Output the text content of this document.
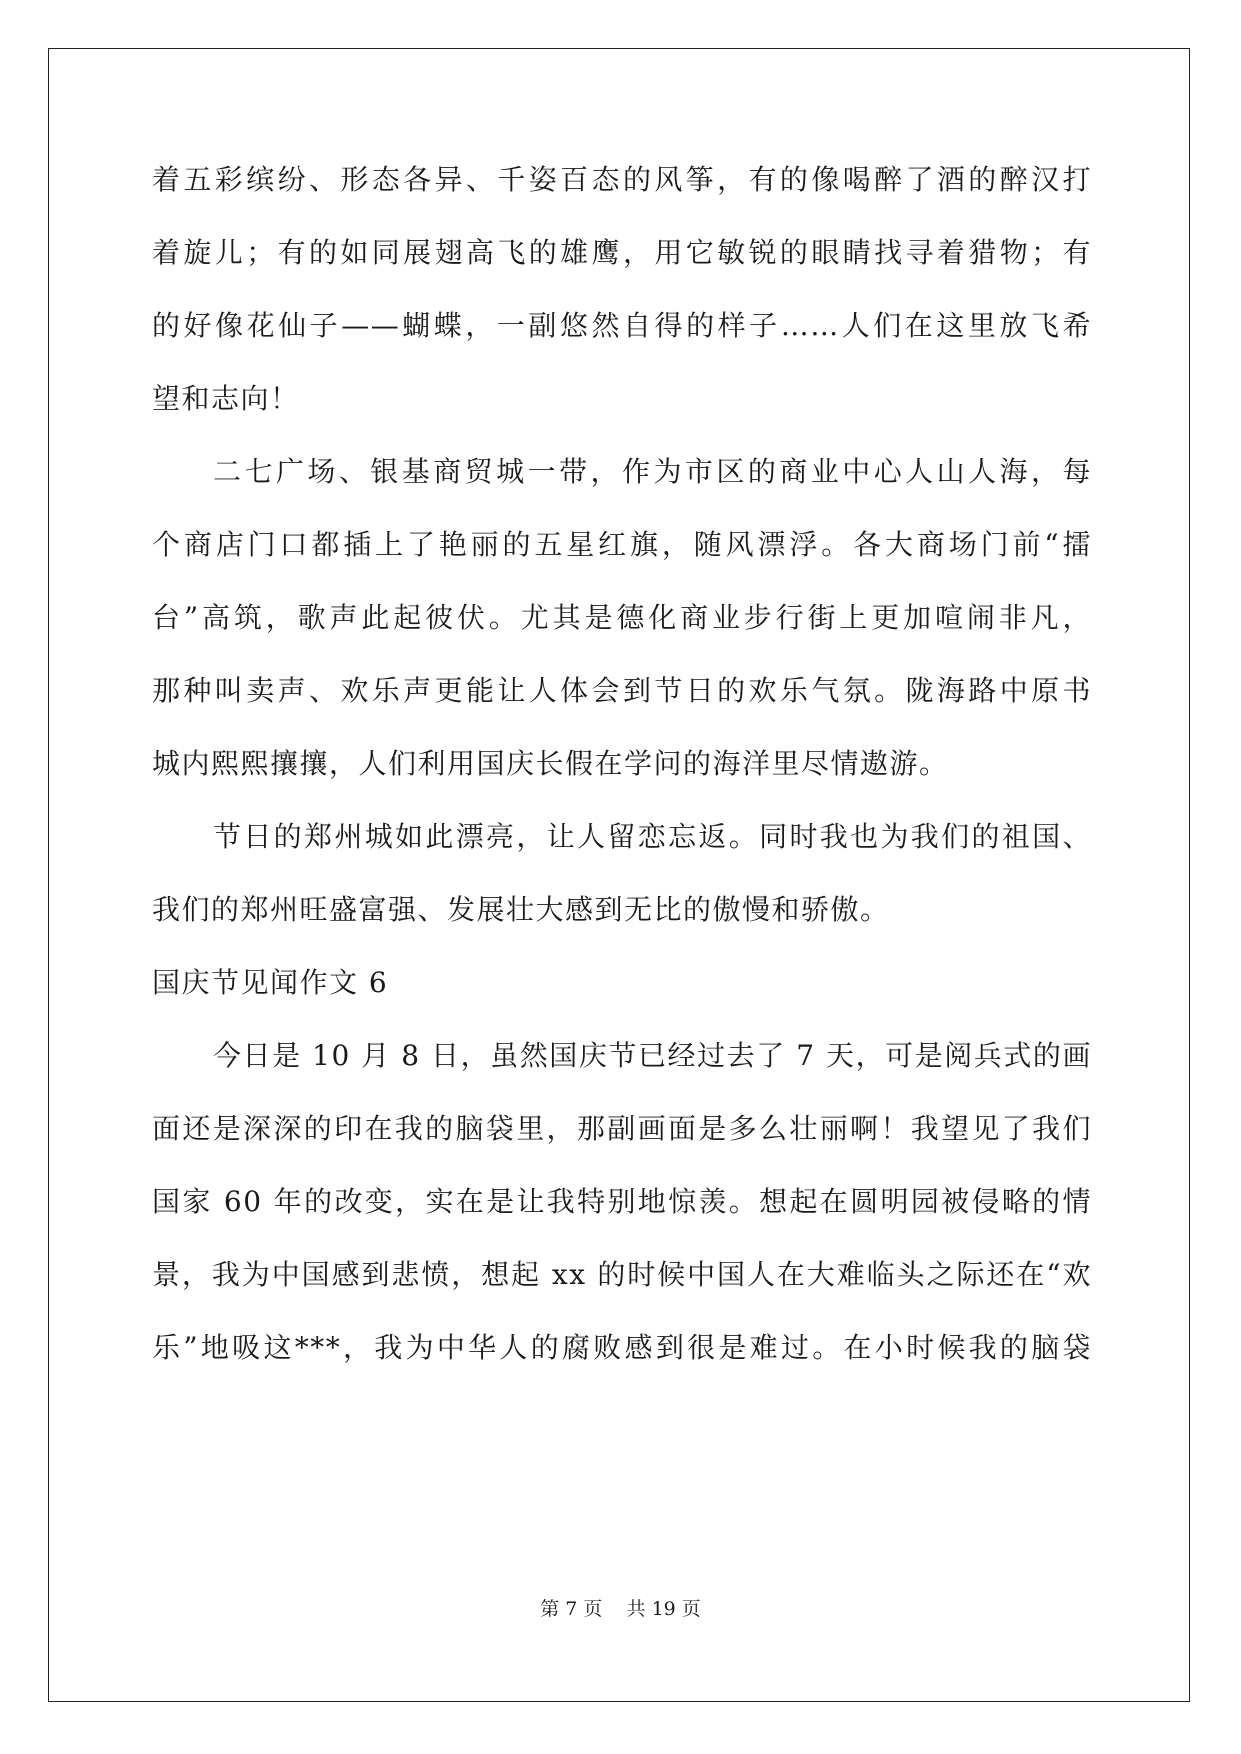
着五彩缤纷、形态各异、千姿百态的风筝，有的像喝醉了酒的醉汉打
着旋儿；有的如同展翅高飞的雄鹰，用它敏锐的眼睛找寻着猎物；有
的好像花仙子——蝴蝶，一副悠然自得的样子……人们在这里放飞希
望和志向！
二七广场、银基商贸城一带，作为市区的商业中心人山人海，每
个商店门口都插上了艳丽的五星红旗，随风漂浮。各大商场门前“擂
台”高筑，歌声此起彼伏。尤其是德化商业步行街上更加喧闹非凡，
那种叫卖声、欢乐声更能让人体会到节日的欢乐气氛。陇海路中原书
城内熙熙攘攘，人们利用国庆长假在学问的海洋里尽情遨游。
节日的郑州城如此漂亮，让人留恋忘返。同时我也为我们的祖国、
我们的郑州旺盛富强、发展壮大感到无比的傲慢和骄傲。
国庆节见闻作文 6
今日是 10 月 8 日，虽然国庆节已经过去了 7 天，可是阅兵式的画
面还是深深的印在我的脑袋里，那副画面是多么壮丽啊！我望见了我们
国家 60 年的改变，实在是让我特别地惊羡。想起在圆明园被侵略的情
景，我为中国感到悲愤，想起 xx 的时候中国人在大难临头之际还在“欢
乐”地吸这***，我为中华人的腐败感到很是难过。在小时候我的脑袋
第 7 页    共 19 页
